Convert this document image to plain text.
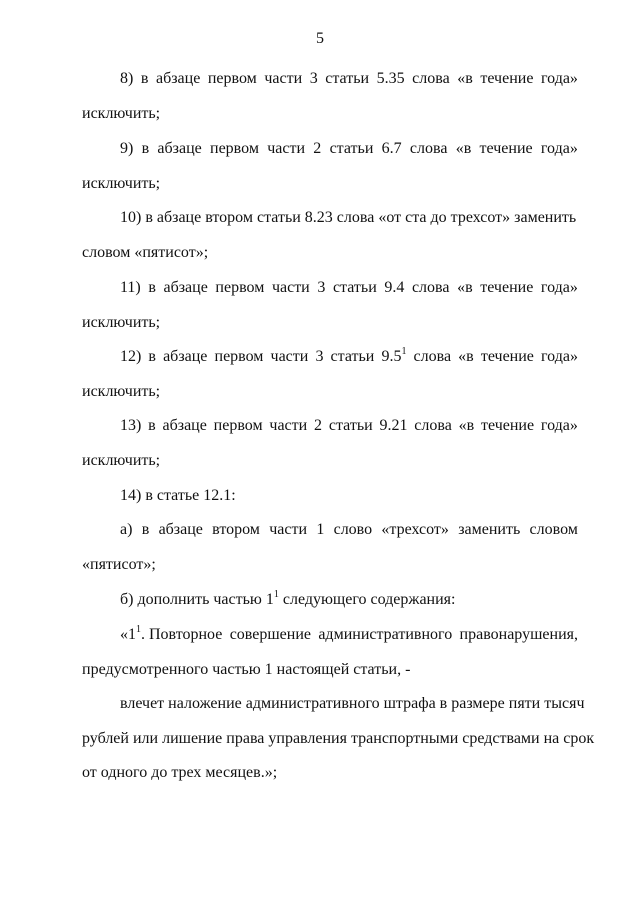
5
8) в абзаце первом части 3 статьи 5.35 слова «в течение года»
исключить;
9) в абзаце первом части 2 статьи 6.7 слова «в течение года»
исключить;
10) в абзаце втором статьи 8.23 слова «от ста до трехсот» заменить
словом «пятисот»;
11) в абзаце первом части 3 статьи 9.4 слова «в течение года»
исключить;
12) в абзаце первом части 3 статьи $9.5^1$ слова «в течение года»
исключить;
13) в абзаце первом части 2 статьи 9.21 слова «в течение года»
исключить;
14) в статье 12.1:
а) в абзаце втором части 1 слово «трехсот» заменить словом
«пятисот»;
б) дополнить частью $1^1$ следующего содержания:
«$1^1$. Повторное совершение административного правонарушения,
предусмотренного частью 1 настоящей статьи, -
влечет наложение административного штрафа в размере пяти тысяч
рублей или лишение права управления транспортными средствами на срок
от одного до трех месяцев.»;
